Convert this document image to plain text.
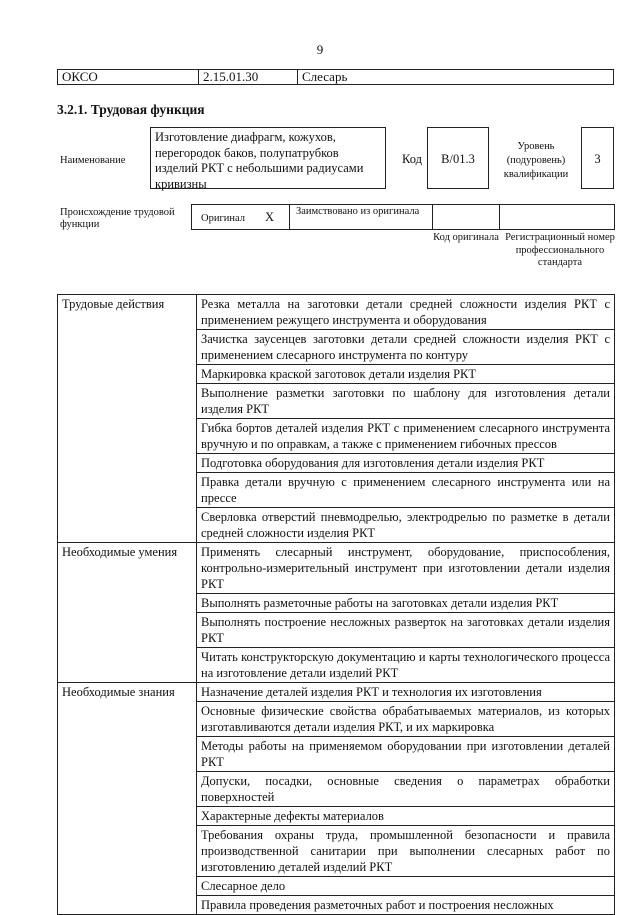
9
ОКСО	2.15.01.30	Слесарь
3.2.1. Трудовая функция
Наименование
Изготовление диафрагм, кожухов, перегородок баков, полупатрубков изделий РКТ с небольшими радиусами кривизны
Код	В/01.3
Уровень (подуровень) квалификации
3
Происхождение трудовой функции
Оригинал X Заимствовано из оригинала
Код оригинала Регистрационный номер профессионального стандарта
Трудовые действия	Резка металла на заготовки детали средней сложности изделия РКТ с применением режущего инструмента и оборудования
	Зачистка заусенцев заготовки детали средней сложности изделия РКТ с применением слесарного инструмента по контуру
	Маркировка краской заготовок детали изделия РКТ
	Выполнение разметки заготовки по шаблону для изготовления детали изделия РКТ
	Гибка бортов деталей изделия РКТ с применением слесарного инструмента вручную и по оправкам, а также с применением гибочных прессов
	Подготовка оборудования для изготовления детали изделия РКТ
	Правка детали вручную с применением слесарного инструмента или на прессе
	Сверловка отверстий пневмодрелью, электродрелью по разметке в детали средней сложности изделия РКТ
Необходимые умения	Применять слесарный инструмент, оборудование, приспособления, контрольно-измерительный инструмент при изготовлении детали изделия РКТ
	Выполнять разметочные работы на заготовках детали изделия РКТ
	Выполнять построение несложных разверток на заготовках детали изделия РКТ
	Читать конструкторскую документацию и карты технологического процесса на изготовление детали изделий РКТ
Необходимые знания	Назначение деталей изделия РКТ и технология их изготовления
	Основные физические свойства обрабатываемых материалов, из которых изготавливаются детали изделия РКТ, и их маркировка
	Методы работы на применяемом оборудовании при изготовлении деталей РКТ
	Допуски, посадки, основные сведения о параметрах обработки поверхностей
	Характерные дефекты материалов
	Требования охраны труда, промышленной безопасности и правила производственной санитарии при выполнении слесарных работ по изготовлению деталей изделий РКТ
	Слесарное дело
	Правила проведения разметочных работ и построения несложных
